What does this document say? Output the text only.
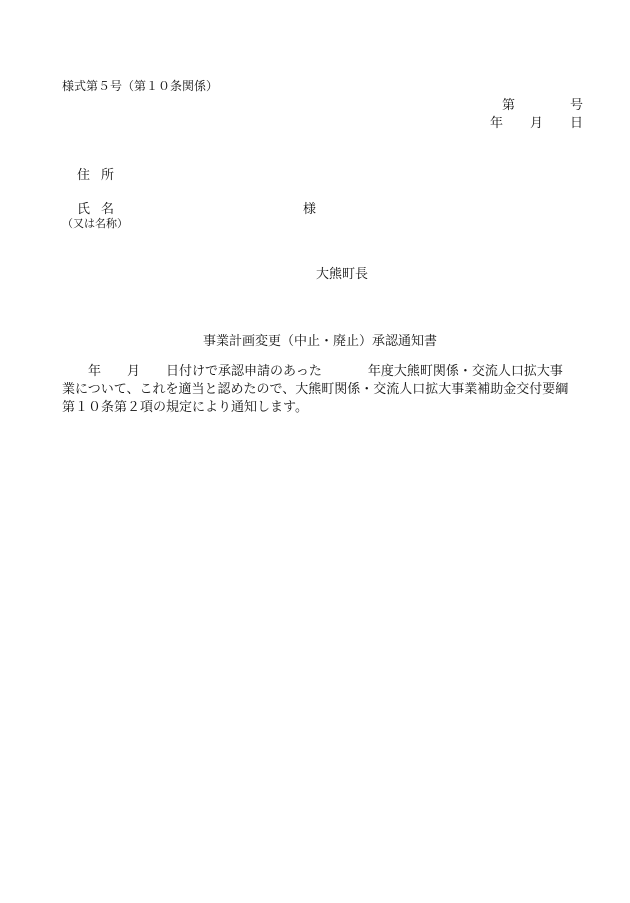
様式第５号（第１０条関係）
第	号
年 月 日
住所
氏名	様
（又は名称）
大熊町長
事業計画変更（中止・廃止）承認通知書
年 月 日付けで承認申請のあった	年度大熊町関係・交流人口拡大事
業について、これを適当と認めたので、大熊町関係・交流人口拡大事業補助金交付要綱
第１０条第２項の規定により通知します。
